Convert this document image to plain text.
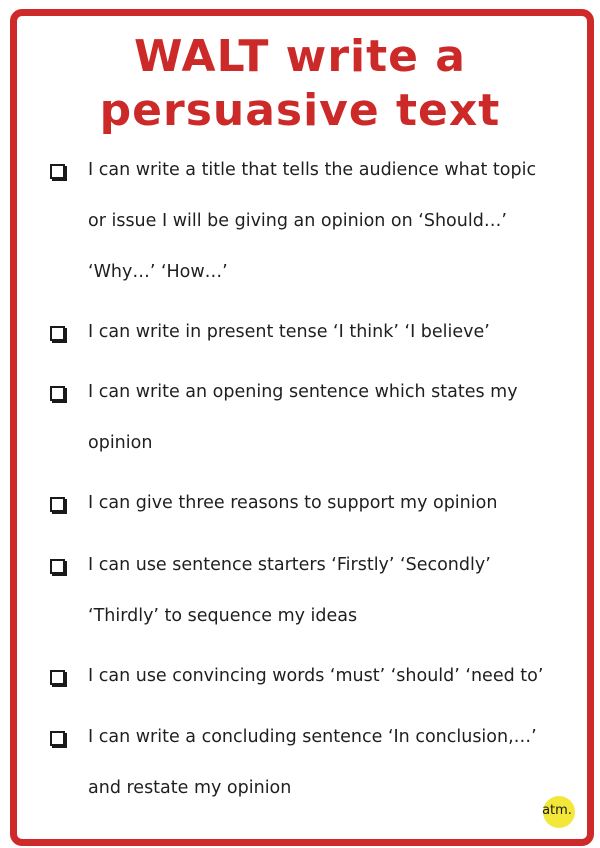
WALT write a
persuasive text
I can write a title that tells the audience what topic or issue I will be giving an opinion on ‘Should…’ ‘Why…’ ‘How…’
I can write in present tense ‘I think’ ‘I believe’
I can write an opening sentence which states my opinion
I can give three reasons to support my opinion
I can use sentence starters ‘Firstly’ ‘Secondly’ ‘Thirdly’ to sequence my ideas
I can use convincing words ‘must’ ‘should’ ‘need to’
I can write a concluding sentence ‘In conclusion,…’ and restate my opinion
atm.
